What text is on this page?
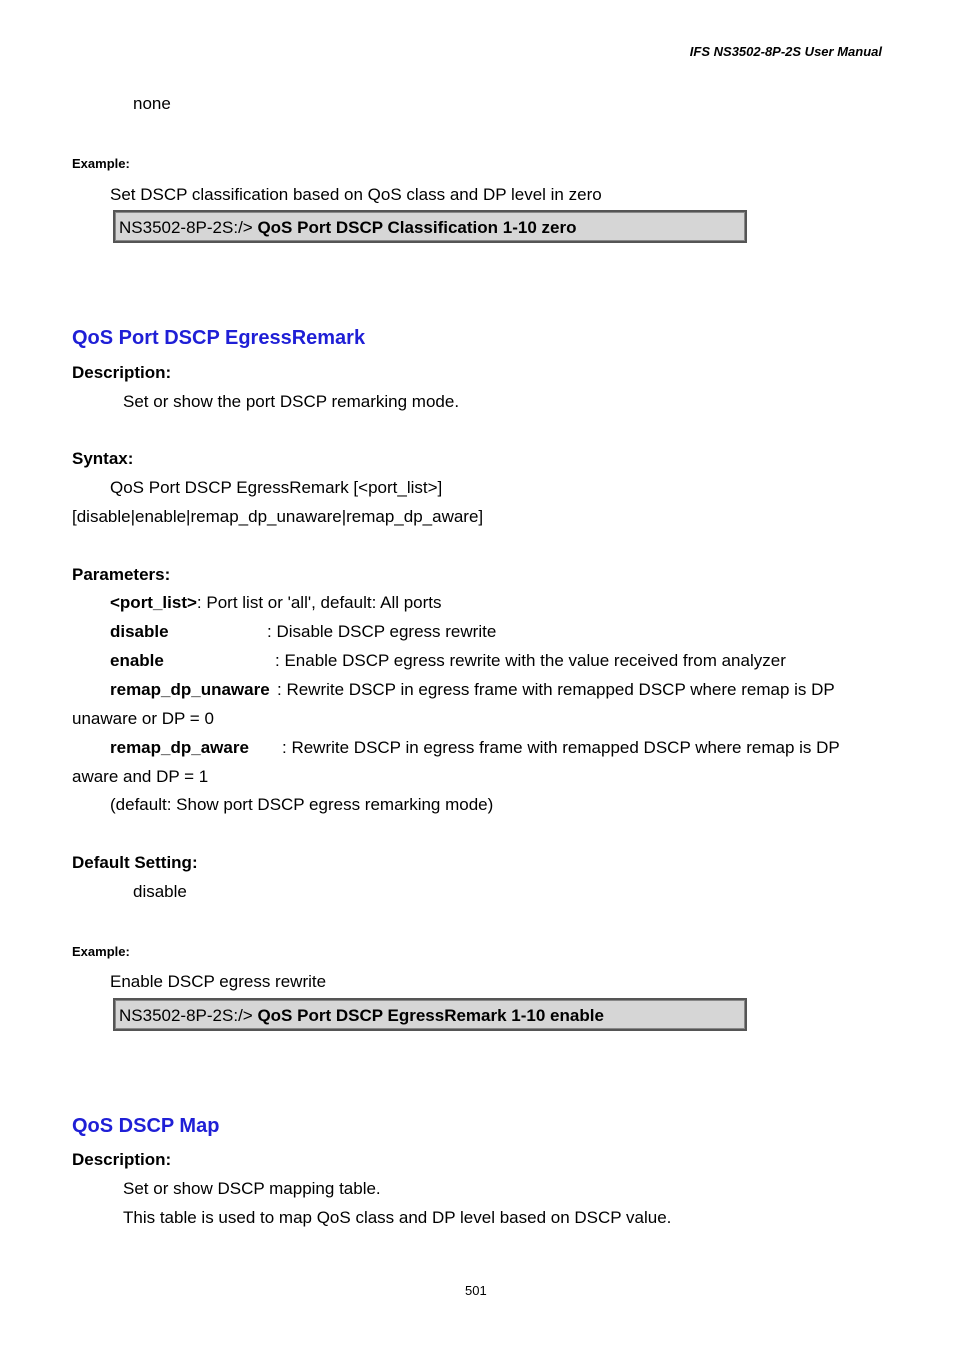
IFS NS3502-8P-2S User Manual
none
Example:
Set DSCP classification based on QoS class and DP level in zero
NS3502-8P-2S:/> QoS Port DSCP Classification 1-10 zero
QoS Port DSCP EgressRemark
Description:
Set or show the port DSCP remarking mode.
Syntax:
QoS Port DSCP EgressRemark [<port_list>]
[disable|enable|remap_dp_unaware|remap_dp_aware]
Parameters:
<port_list>: Port list or 'all', default: All ports
disable	: Disable DSCP egress rewrite
enable	: Enable DSCP egress rewrite with the value received from analyzer
remap_dp_unaware : Rewrite DSCP in egress frame with remapped DSCP where remap is DP
unaware or DP = 0
remap_dp_aware : Rewrite DSCP in egress frame with remapped DSCP where remap is DP
aware and DP = 1
(default: Show port DSCP egress remarking mode)
Default Setting:
disable
Example:
Enable DSCP egress rewrite
NS3502-8P-2S:/> QoS Port DSCP EgressRemark 1-10 enable
QoS DSCP Map
Description:
Set or show DSCP mapping table.
This table is used to map QoS class and DP level based on DSCP value.
501
